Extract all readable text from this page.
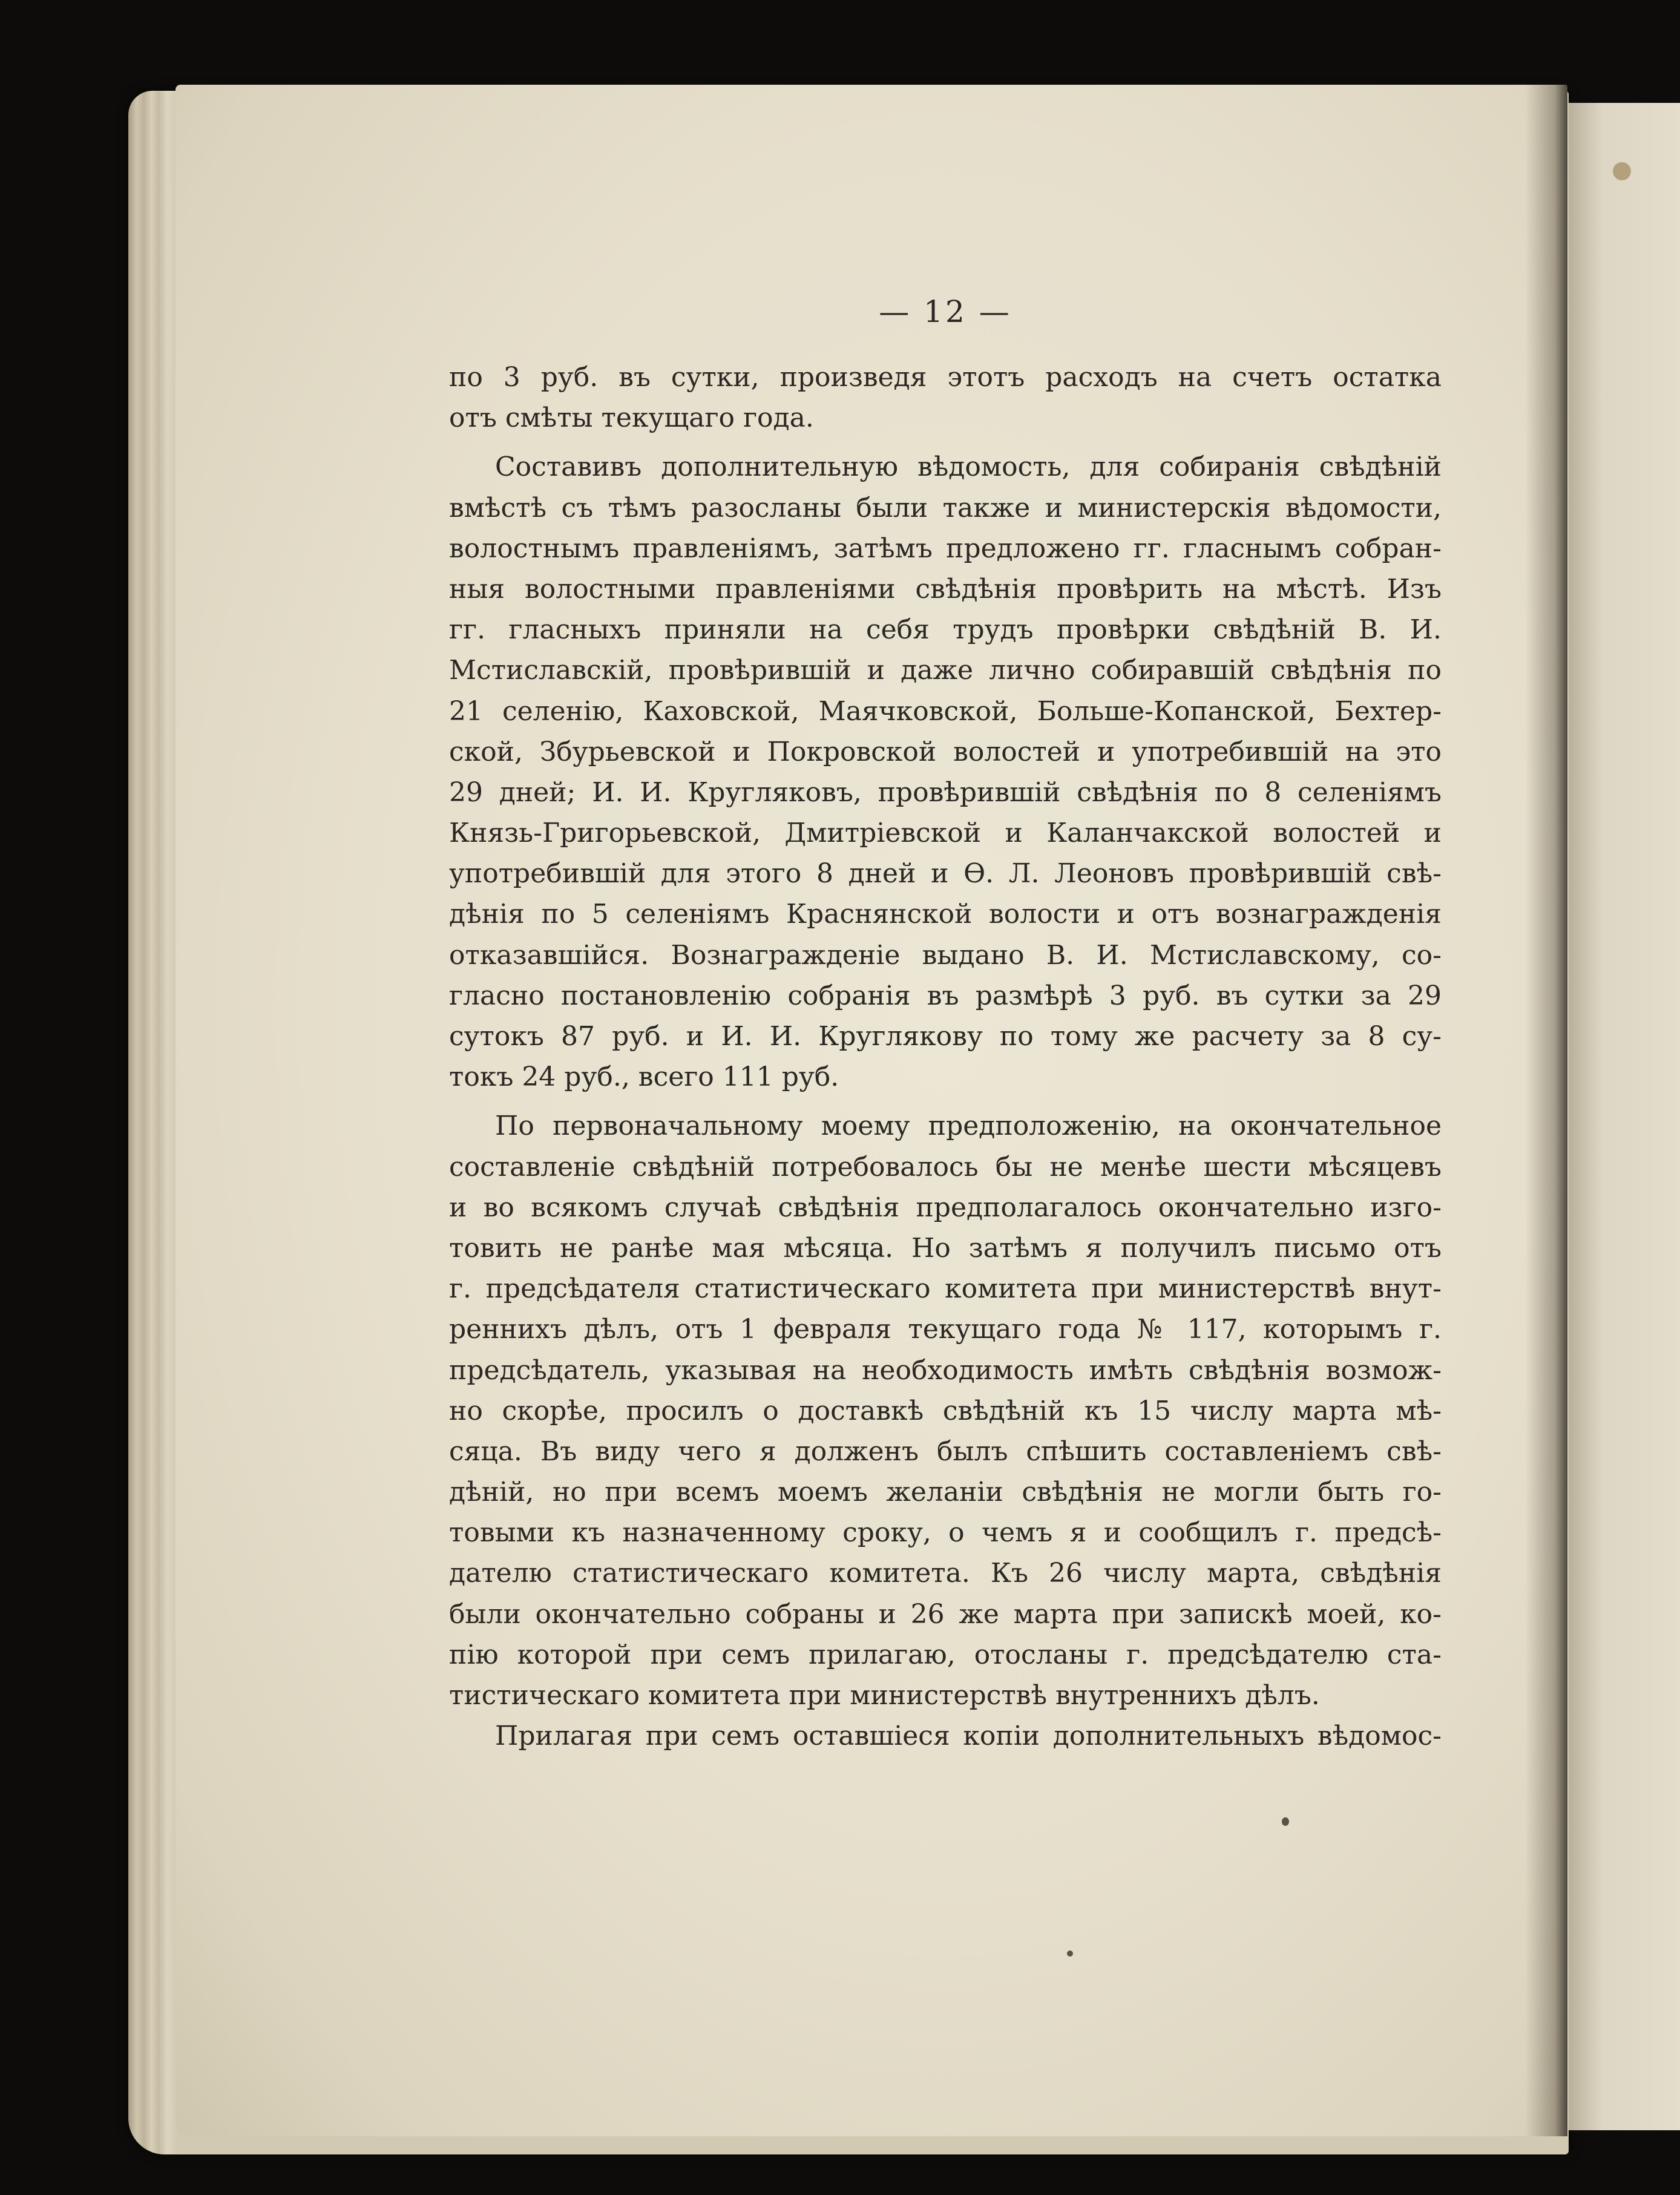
— 12 —
по 3 руб. въ сутки, произведя этотъ расходъ на счетъ остатка
отъ смѣты текущаго года.
Составивъ дополнительную вѣдомость, для собиранія свѣдѣній
вмѣстѣ съ тѣмъ разосланы были также и министерскія вѣдомости,
волостнымъ правленіямъ, затѣмъ предложено гг. гласнымъ собран-
ныя волостными правленіями свѣдѣнія провѣрить на мѣстѣ. Изъ
гг. гласныхъ приняли на себя трудъ провѣрки свѣдѣній В. И.
Мстиславскій, провѣрившій и даже лично собиравшій свѣдѣнія по
21 селенію, Каховской, Маячковской, Больше-Копанской, Бехтер-
ской, Збурьевской и Покровской волостей и употребившій на это
29 дней; И. И. Кругляковъ, провѣрившій свѣдѣнія по 8 селеніямъ
Князь-Григорьевской, Дмитріевской и Каланчакской волостей и
употребившій для этого 8 дней и Ѳ. Л. Леоновъ провѣрившій свѣ-
дѣнія по 5 селеніямъ Краснянской волости и отъ вознагражденія
отказавшійся. Вознагражденіе выдано В. И. Мстиславскому, со-
гласно постановленію собранія въ размѣрѣ 3 руб. въ сутки за 29
сутокъ 87 руб. и И. И. Круглякову по тому же расчету за 8 су-
токъ 24 руб., всего 111 руб.
По первоначальному моему предположенію, на окончательное
составленіе свѣдѣній потребовалось бы не менѣе шести мѣсяцевъ
и во всякомъ случаѣ свѣдѣнія предполагалось окончательно изго-
товить не ранѣе мая мѣсяца. Но затѣмъ я получилъ письмо отъ
г. предсѣдателя статистическаго комитета при министерствѣ внут-
реннихъ дѣлъ, отъ 1 февраля текущаго года № 117, которымъ г.
предсѣдатель, указывая на необходимость имѣть свѣдѣнія возмож-
но скорѣе, просилъ о доставкѣ свѣдѣній къ 15 числу марта мѣ-
сяца. Въ виду чего я долженъ былъ спѣшить составленіемъ свѣ-
дѣній, но при всемъ моемъ желаніи свѣдѣнія не могли быть го-
товыми къ назначенному сроку, о чемъ я и сообщилъ г. предсѣ-
дателю статистическаго комитета. Къ 26 числу марта, свѣдѣнія
были окончательно собраны и 26 же марта при запискѣ моей, ко-
пію которой при семъ прилагаю, отосланы г. предсѣдателю ста-
тистическаго комитета при министерствѣ внутреннихъ дѣлъ.
Прилагая при семъ оставшіеся копіи дополнительныхъ вѣдомос-
